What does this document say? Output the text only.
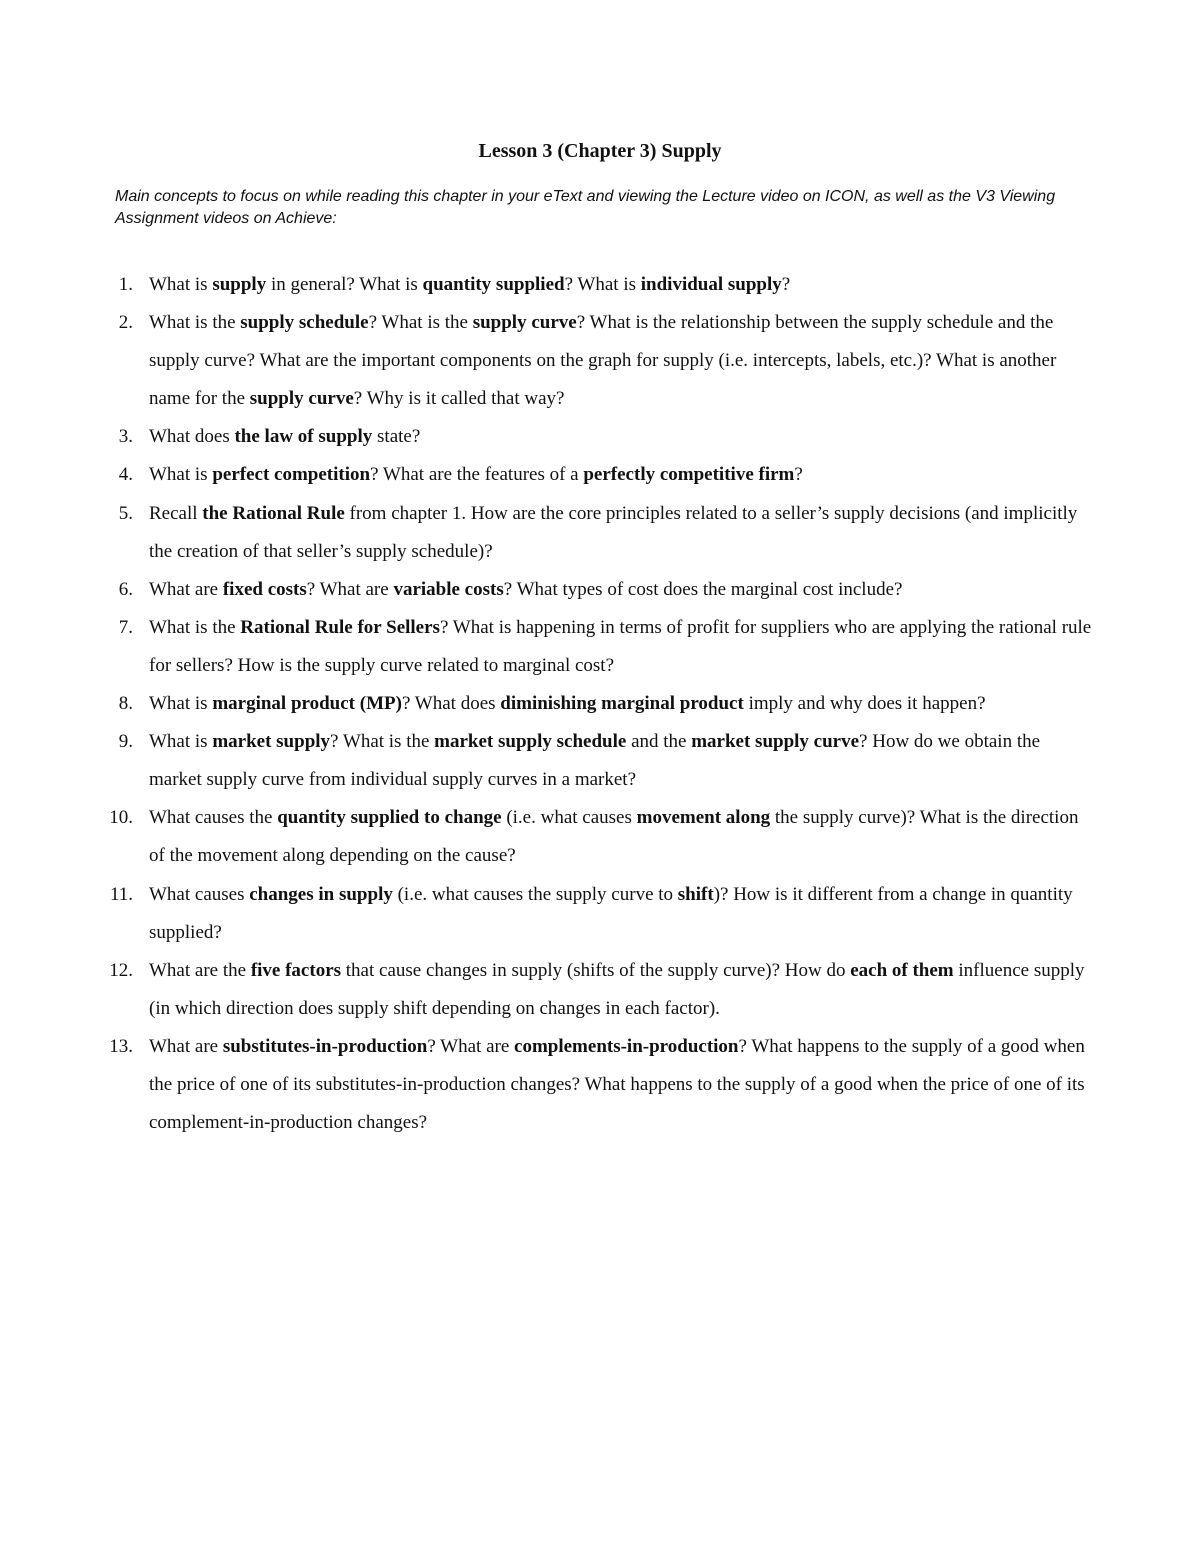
Lesson 3 (Chapter 3) Supply
Main concepts to focus on while reading this chapter in your eText and viewing the Lecture video on ICON, as well as the V3 Viewing Assignment videos on Achieve:
1. What is supply in general? What is quantity supplied? What is individual supply?
2. What is the supply schedule? What is the supply curve? What is the relationship between the supply schedule and the supply curve? What are the important components on the graph for supply (i.e. intercepts, labels, etc.)? What is another name for the supply curve? Why is it called that way?
3. What does the law of supply state?
4. What is perfect competition? What are the features of a perfectly competitive firm?
5. Recall the Rational Rule from chapter 1. How are the core principles related to a seller’s supply decisions (and implicitly the creation of that seller’s supply schedule)?
6. What are fixed costs? What are variable costs? What types of cost does the marginal cost include?
7. What is the Rational Rule for Sellers? What is happening in terms of profit for suppliers who are applying the rational rule for sellers? How is the supply curve related to marginal cost?
8. What is marginal product (MP)? What does diminishing marginal product imply and why does it happen?
9. What is market supply? What is the market supply schedule and the market supply curve? How do we obtain the market supply curve from individual supply curves in a market?
10. What causes the quantity supplied to change (i.e. what causes movement along the supply curve)? What is the direction of the movement along depending on the cause?
11. What causes changes in supply (i.e. what causes the supply curve to shift)? How is it different from a change in quantity supplied?
12. What are the five factors that cause changes in supply (shifts of the supply curve)? How do each of them influence supply (in which direction does supply shift depending on changes in each factor).
13. What are substitutes-in-production? What are complements-in-production? What happens to the supply of a good when the price of one of its substitutes-in-production changes? What happens to the supply of a good when the price of one of its complement-in-production changes?
